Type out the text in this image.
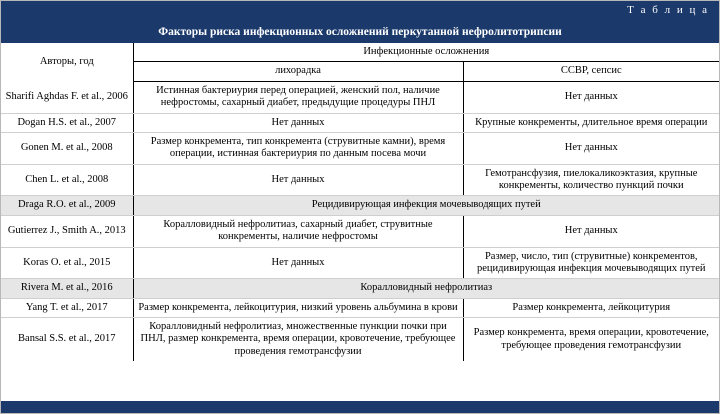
Т а б л и ц а
Факторы риска инфекционных осложнений перкутанной нефролитотрипсии
Авторы, год	Инфекционные осложнения	
	лихорадка	ССВР, сепсис
Sharifi Aghdas F. et al., 2006	Истинная бактериурия перед операцией, женский пол, наличие нефростомы, сахарный диабет, предыдущие процедуры ПНЛ	Нет данных
Dogan H.S. et al., 2007	Нет данных	Крупные конкременты, длительное время операции
Gonen M. et al., 2008	Размер конкремента, тип конкремента (струвитные камни), время операции, истинная бактериурия по данным посева мочи	Нет данных
Chen L. et al., 2008	Нет данных	Гемотрансфузия, пиелокаликоэктазия, крупные конкременты, количество пункций почки
Draga R.O. et al., 2009	Рецидивирующая инфекция мочевыводящих путей	
Gutierrez J., Smith A., 2013	Коралловидный нефролитиаз, сахарный диабет, струвитные конкременты, наличие нефростомы	Нет данных
Koras O. et al., 2015	Нет данных	Размер, число, тип (струвитные) конкрементов, рецидивирующая инфекция мочевыводящих путей
Rivera M. et al., 2016	Коралловидный нефролитиаз	
Yang T. et al., 2017	Размер конкремента, лейкоцитурия, низкий уровень альбумина в крови	Размер конкремента, лейкоцитурия
Bansal S.S. et al., 2017	Коралловидный нефролитиаз, множественные пункции почки при ПНЛ, размер конкремента, время операции, кровотечение, требующее проведения гемотрансфузии	Размер конкремента, время операции, кровотечение, требующее проведения гемотрансфузии
